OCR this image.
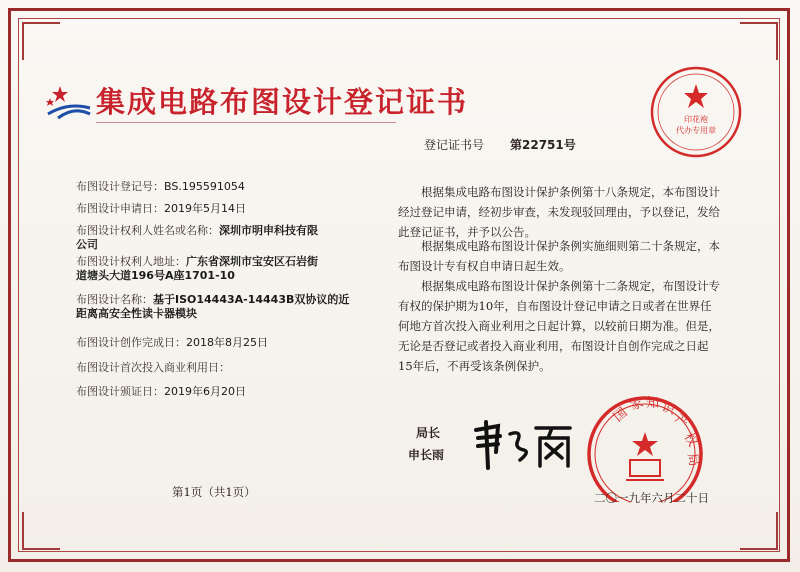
集成电路布图设计登记证书
印花袍
代办专用章
登记证书号 第22751号
布图设计登记号：BS.195591054
布图设计申请日：2019年5月14日
布图设计权利人姓名或名称：深圳市明申科技有限
公司
布图设计权利人地址：广东省深圳市宝安区石岩街
道塘头大道196号A座1701-10
布图设计名称：基于ISO14443A-14443B双协议的近
距离高安全性读卡器模块
布图设计创作完成日：2018年8月25日
布图设计首次投入商业利用日：
布图设计颁证日：2019年6月20日
根据集成电路布图设计保护条例第十八条规定，本布图设计经过登记申请，经初步审查，未发现驳回理由，予以登记，发给此登记证书，并予以公告。
根据集成电路布图设计保护条例实施细则第二十条规定，本布图设计专有权自申请日起生效。
根据集成电路布图设计保护条例第十二条规定，布图设计专有权的保护期为10年，自布图设计登记申请之日或者在世界任何地方首次投入商业利用之日起计算，以较前日期为准。但是，无论是否登记或者投入商业利用，布图设计自创作完成之日起15年后，不再受该条例保护。
局长
申长雨
国
家 知 识
产
权
局
二〇一九年六月二十日
第1页（共1页）
